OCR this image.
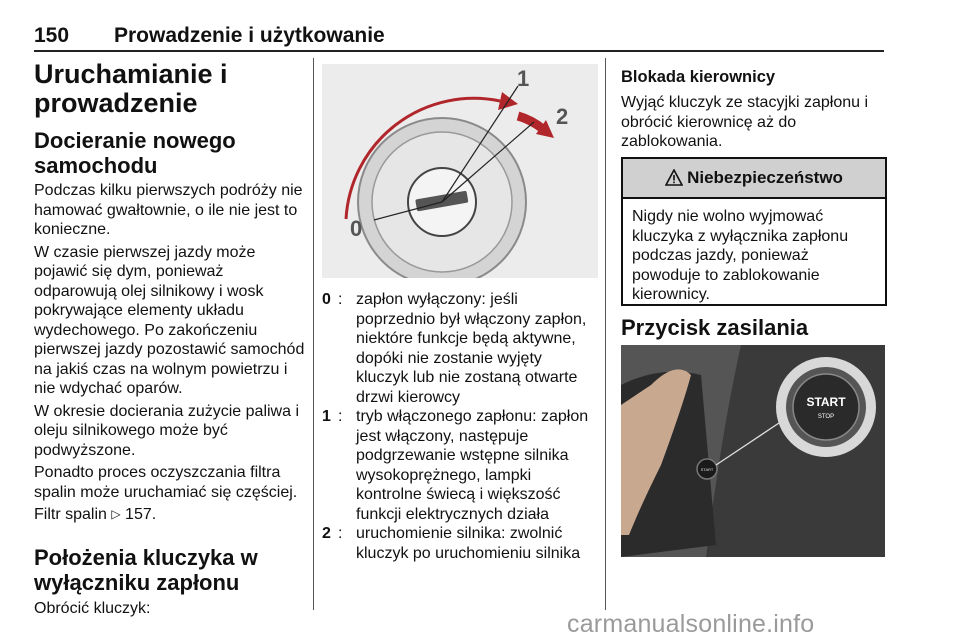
150 Prowadzenie i użytkowanie
Uruchamianie i
prowadzenie
Docieranie nowego
samochodu

Podczas kilku pierwszych podróży nie hamować gwałtownie, o ile nie jest to konieczne.

W czasie pierwszej jazdy może pojawić się dym, ponieważ odparowują olej silnikowy i wosk pokrywające elementy układu wydechowego. Po zakończeniu pierwszej jazdy pozostawić samochód na jakiś czas na wolnym powietrzu i nie wdychać oparów.

W okresie docierania zużycie paliwa i oleju silnikowego może być podwyższone.

Ponadto proces oczyszczania filtra spalin może uruchamiać się częściej.

Filtr spalin ▷ 157.

Położenia kluczyka w
wyłączniku zapłonu

Obrócić kluczyk:

1
2
0
0 : zapłon wyłączony: jeśli poprzednio był włączony zapłon, niektóre funkcje będą aktywne, dopóki nie zostanie wyjęty kluczyk lub nie zostaną otwarte drzwi kierowcy
1 : tryb włączonego zapłonu: zapłon jest włączony, następuje podgrzewanie wstępne silnika wysokoprężnego, lampki kontrolne świecą i większość funkcji elektrycznych działa
2 : uruchomienie silnika: zwolnić kluczyk po uruchomieniu silnika
Blokada kierownicy

Wyjąć kluczyk ze stacyjki zapłonu i obrócić kierownicę aż do zablokowania.

Niebezpieczeństwo
Nigdy nie wolno wyjmować kluczyka z wyłącznika zapłonu podczas jazdy, ponieważ powoduje to zablokowanie kierownicy.
Przycisk zasilania
START
START
STOP
carmanualsonline.info
